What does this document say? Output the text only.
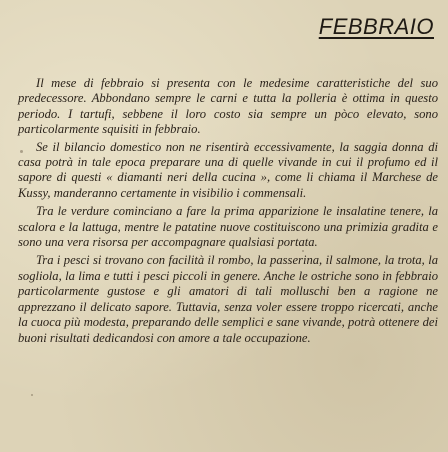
FEBBRAIO

Il mese di febbraio si presenta con le medesime caratteristiche del suo predecessore. Abbondano sempre le carni e tutta la polleria è ottima in questo periodo. I tartufi, sebbene il loro costo sia sempre un pòco elevato, sono particolarmente squisiti in febbraio.

Se il bilancio domestico non ne risentirà eccessivamente, la saggia donna di casa potrà in tale epoca preparare una di quelle vivande in cui il profumo ed il sapore di questi « diamanti neri della cucina », come li chiama il Marchese de Kussy, manderanno certamente in visibilio i commensali.

Tra le verdure cominciano a fare la prima apparizione le insalatine tenere, la scalora e la lattuga, mentre le patatine nuove costituiscono una primizia gradita e sono una vera risorsa per accompagnare qualsiasi portata.

Tra i pesci si trovano con facilità il rombo, la passerina, il salmone, la trota, la sogliola, la lima e tutti i pesci piccoli in genere. Anche le ostriche sono in febbraio particolarmente gustose e gli amatori di tali molluschi ben a ragione ne apprezzano il delicato sapore. Tuttavia, senza voler essere troppo ricercati, anche la cuoca più modesta, preparando delle semplici e sane vivande, potrà ottenere dei buoni risultati dedicandosi con amore a tale occupazione.
